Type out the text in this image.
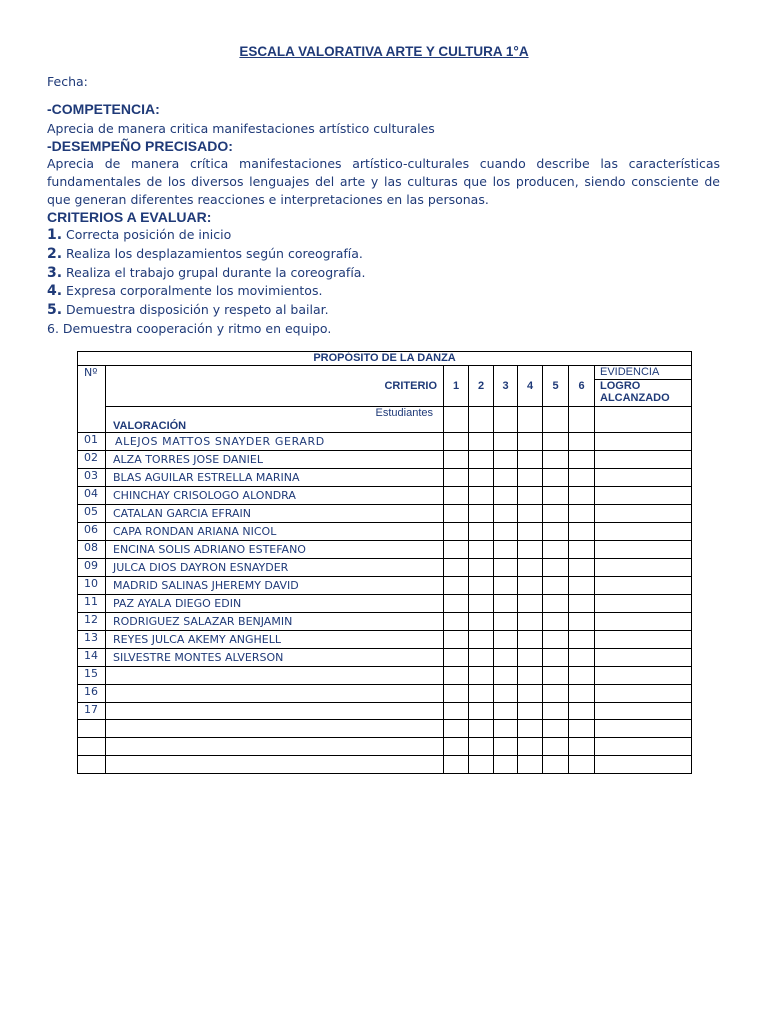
ESCALA VALORATIVA ARTE Y CULTURA 1°A
Fecha:
-COMPETENCIA:
Aprecia de manera critica manifestaciones artístico culturales
-DESEMPEÑO PRECISADO:
Aprecia de manera crítica manifestaciones artístico-culturales cuando describe las características fundamentales de los diversos lenguajes del arte y las culturas que los producen, siendo consciente de que generan diferentes reacciones e interpretaciones en las personas.
CRITERIOS A EVALUAR:
1. Correcta posición de inicio
2. Realiza los desplazamientos según coreografía.
3. Realiza el trabajo grupal durante la coreografía.
4. Expresa corporalmente los movimientos.
5. Demuestra disposición y respeto al bailar.
6. Demuestra cooperación y ritmo en equipo.
PROPÓSITO DE LA DANZA								
Nº	CRITERIO	1	2	3	4	5	6	EVIDENCIA
								LOGRO ALCANZADO

	Estudiantes
VALORACIÓN							

01	ALEJOS MATTOS SNAYDER GERARD							
02	ALZA TORRES JOSE DANIEL							
03	BLAS AGUILAR ESTRELLA MARINA							
04	CHINCHAY CRISOLOGO ALONDRA							
05	CATALAN GARCIA EFRAIN							
06	CAPA RONDAN ARIANA NICOL							
08	ENCINA SOLIS ADRIANO ESTEFANO							
09	JULCA DIOS DAYRON ESNAYDER							
10	MADRID SALINAS JHEREMY DAVID							
11	PAZ AYALA DIEGO EDIN							
12	RODRIGUEZ SALAZAR BENJAMIN							
13	REYES JULCA AKEMY ANGHELL							
14	SILVESTRE MONTES ALVERSON							
15								
16								
17								
